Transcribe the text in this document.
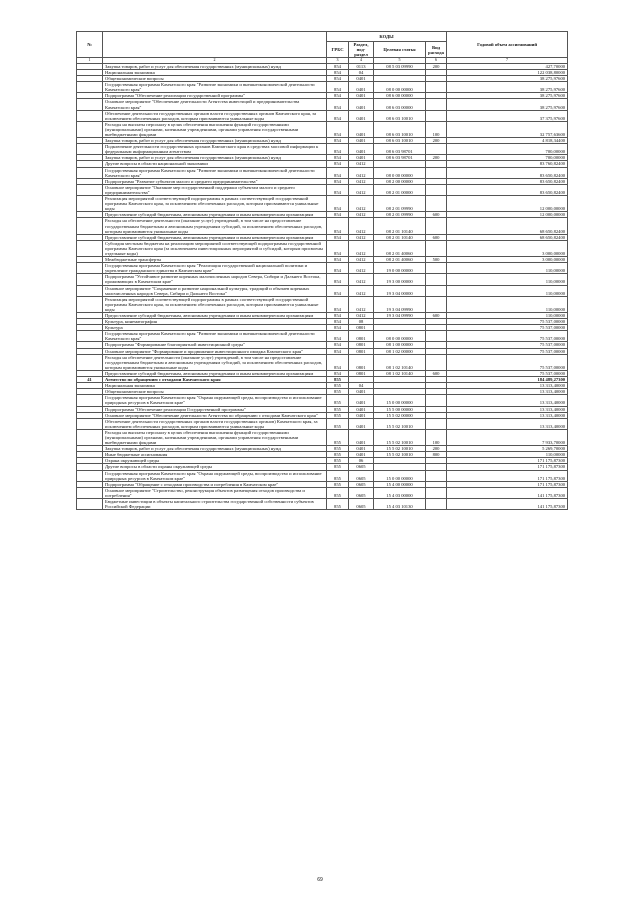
№		КОДЫ				Годовой объем ассигнований
		ГРБС	Раздел, под-раздел	Целевая статья	Вид расхода	
1	2	3	4	5	6	7
	Закупка товаров, работ и услуг для обеспечения государственных (муниципальных) нужд	854	0113	08 5 03 09990	200	427,70000
	Национальная экономика	854	04			122 038,80000
	Общеэкономические вопросы	854	0401			38 275,97600
	Государственная программа Камчатского края "Развитие экономики и внешнеэкономической деятельности Камчатского края"	854	0401	08 0 00 00000		38 275,97600
	Подпрограмма "Обеспечение реализации государственной программы"	854	0401	08 6 00 00000		38 275,97600
	Основное мероприятие "Обеспечение деятельности Агентства инвестиций и предпринимательства Камчатского края"	854	0401	08 6 03 00000		38 275,97600
	Обеспечение деятельности государственных органов власти государственных органов Камчатского края, за исключением обеспеченных расходов, которым присваиваются уникальные коды	854	0401	08 6 03 10010		37 375,97600
	Расходы на выплаты персоналу в целях обеспечения выполнения функций государственными (муниципальными) органами, казенными учреждениями, органами управления государственными внебюджетными фондами	854	0401	08 6 03 10010	100	32 757,63600
	Закупка товаров, работ и услуг для обеспечения государственных (муниципальных) нужд	854	0401	08 6 03 10010	200	4 818,34400
	Подключение деятельности государственных органов Камчатского края в средствах массовой информации к федеральным информационным агентствам	854	0401	08 6 03 98701		700,00000
	Закупка товаров, работ и услуг для обеспечения государственных (муниципальных) нужд	854	0401	08 6 03 98701	200	700,00000
	Другие вопросы в области национальной экономики	854	0412			83 760,82400
	Государственная программа Камчатского края "Развитие экономики и внешнеэкономической деятельности Камчатского края"	854	0412	08 0 00 00000		83 650,82400
	Подпрограмма "Развитие субъектов малого и среднего предпринимательства"	854	0412	08 2 00 00000		83 650,82400
	Основное мероприятие "Оказание мер государственной поддержки субъектам малого и среднего предпринимательства"	854	0412	08 2 01 00000		83 650,82400
	Реализация мероприятий соответствующей подпрограммы в рамках соответствующей государственной программы Камчатского края, за исключением обеспеченных расходов, которым присваиваются уникальные коды	854	0412	08 2 01 09990		12 000,00000
	Предоставление субсидий бюджетным, автономным учреждениям и иным некоммерческим организациям	854	0412	08 2 01 09990	600	12 000,00000
	Расходы на обеспечение деятельности (оказание услуг) учреждений, в том числе на предоставление государственным бюджетным и автономным учреждениям субсидий, за исключением обеспеченных расходов, которым присваиваются уникальные коды	854	0412	08 2 01 10140		68 650,82400
	Предоставление субсидий бюджетным, автономным учреждениям и иным некоммерческим организациям	854	0412	08 2 01 10140	600	68 650,82400
	Субсидия местным бюджетам на реализацию мероприятий соответствующей подпрограммы государственной программы Камчатского края (за исключением инвестиционных мероприятий и субсидий, которым присвоены отдельные коды)	854	0412	08 2 01 40060		3 000,00000
	Межбюджетные трансферты	854	0412	08 2 01 40060	500	3 000,00000
	Государственная программа Камчатского края "Реализация государственной национальной политики и укрепление гражданского единства в Камчатском крае"	854	0412	19 0 00 00000		110,00000
	Подпрограмма "Устойчивое развитие коренных малочисленных народов Севера, Сибири и Дальнего Востока, проживающих в Камчатском крае"	854	0412	19 3 00 00000		110,00000
	Основное мероприятие "Сохранение и развитие национальной культуры, традиций и обычаев коренных малочисленных народов Севера, Сибири и Дальнего Востока"	854	0412	19 3 04 00000		110,00000
	Реализация мероприятий соответствующей подпрограммы в рамках соответствующей государственной программы Камчатского края, за исключением обеспеченных расходов, которым присваиваются уникальные коды	854	0412	19 3 04 09990		110,00000
	Предоставление субсидий бюджетным, автономным учреждениям и иным некоммерческим организациям	854	0412	19 3 04 09990	600	110,00000
	Культура, кинематография	854	08			75 537,00000
	Культура	854	0801			75 537,00000
	Государственная программа Камчатского края "Развитие экономики и внешнеэкономической деятельности Камчатского края"	854	0801	08 0 00 00000		75 537,00000
	Подпрограмма "Формирование благоприятной инвестиционной среды"	854	0801	08 1 00 00000		75 537,00000
	Основное мероприятие "Формирование и продвижение инвестиционного имиджа Камчатского края"	854	0801	08 1 02 00000		75 537,00000
	Расходы на обеспечение деятельности (оказание услуг) учреждений, в том числе на предоставление государственным бюджетным и автономным учреждениям субсидий, за исключением обеспеченных расходов, которым присваиваются уникальные коды	854	0801	08 1 02 10140		75 537,00000
	Предоставление субсидий бюджетным, автономным учреждениям и иным некоммерческим организациям	854	0801	08 1 02 10140	600	75 537,00000
41	Агентство по обращению с отходами Камчатского края	855				184 489,27300
	Национальная экономика	855	04			13 313,40000
	Общеэкономические вопросы	855	0401			13 313,40000
	Государственная программа Камчатского края "Охрана окружающей среды, воспроизводство и использование природных ресурсов в Камчатском крае"	855	0401	15 0 00 00000		13 313,40000
	Подпрограмма "Обеспечение реализации Государственной программы"	855	0401	15 5 00 00000		13 313,40000
	Основное мероприятие "Обеспечение деятельности Агентства по обращению с отходами Камчатского края"	855	0401	15 5 02 00000		13 313,40000
	Обеспечение деятельности государственных органов власти государственных органов) Камчатского края, за исключением обеспеченных расходов, которым присваиваются уникальные коды	855	0401	15 5 02 10010		13 313,40000
	Расходы на выплаты персоналу в целях обеспечения выполнения функций государственными (муниципальными) органами, казенными учреждениями, органами управления государственными внебюджетными фондами	855	0401	15 5 02 10010	100	7 933,70000
	Закупка товаров, работ и услуг для обеспечения государственных (муниципальных) нужд	855	0401	15 5 02 10010	200	5 269,70000
	Иные бюджетные ассигнования	855	0401	15 5 02 10010	800	110,00000
	Охрана окружающей среды	855	06			171 175,87300
	Другие вопросы в области охраны окружающей среды	855	0605			171 175,87300
	Государственная программа Камчатского края "Охрана окружающей среды, воспроизводство и использование природных ресурсов в Камчатском крае"	855	0605	15 0 00 00000		171 175,87300
	Подпрограмма "Обращение с отходами производства и потребления в Камчатском крае"	855	0605	15 4 00 00000		171 175,87300
	Основное мероприятие "Строительство, реконструкция объектов размещения отходов производства и потребления"	855	0605	15 4 03 00000		141 175,87300
	Бюджетные инвестиции в объекты капитального строительства государственной собственности субъектов Российской Федерации	855	0605	15 4 03 10130		141 175,87300
69
